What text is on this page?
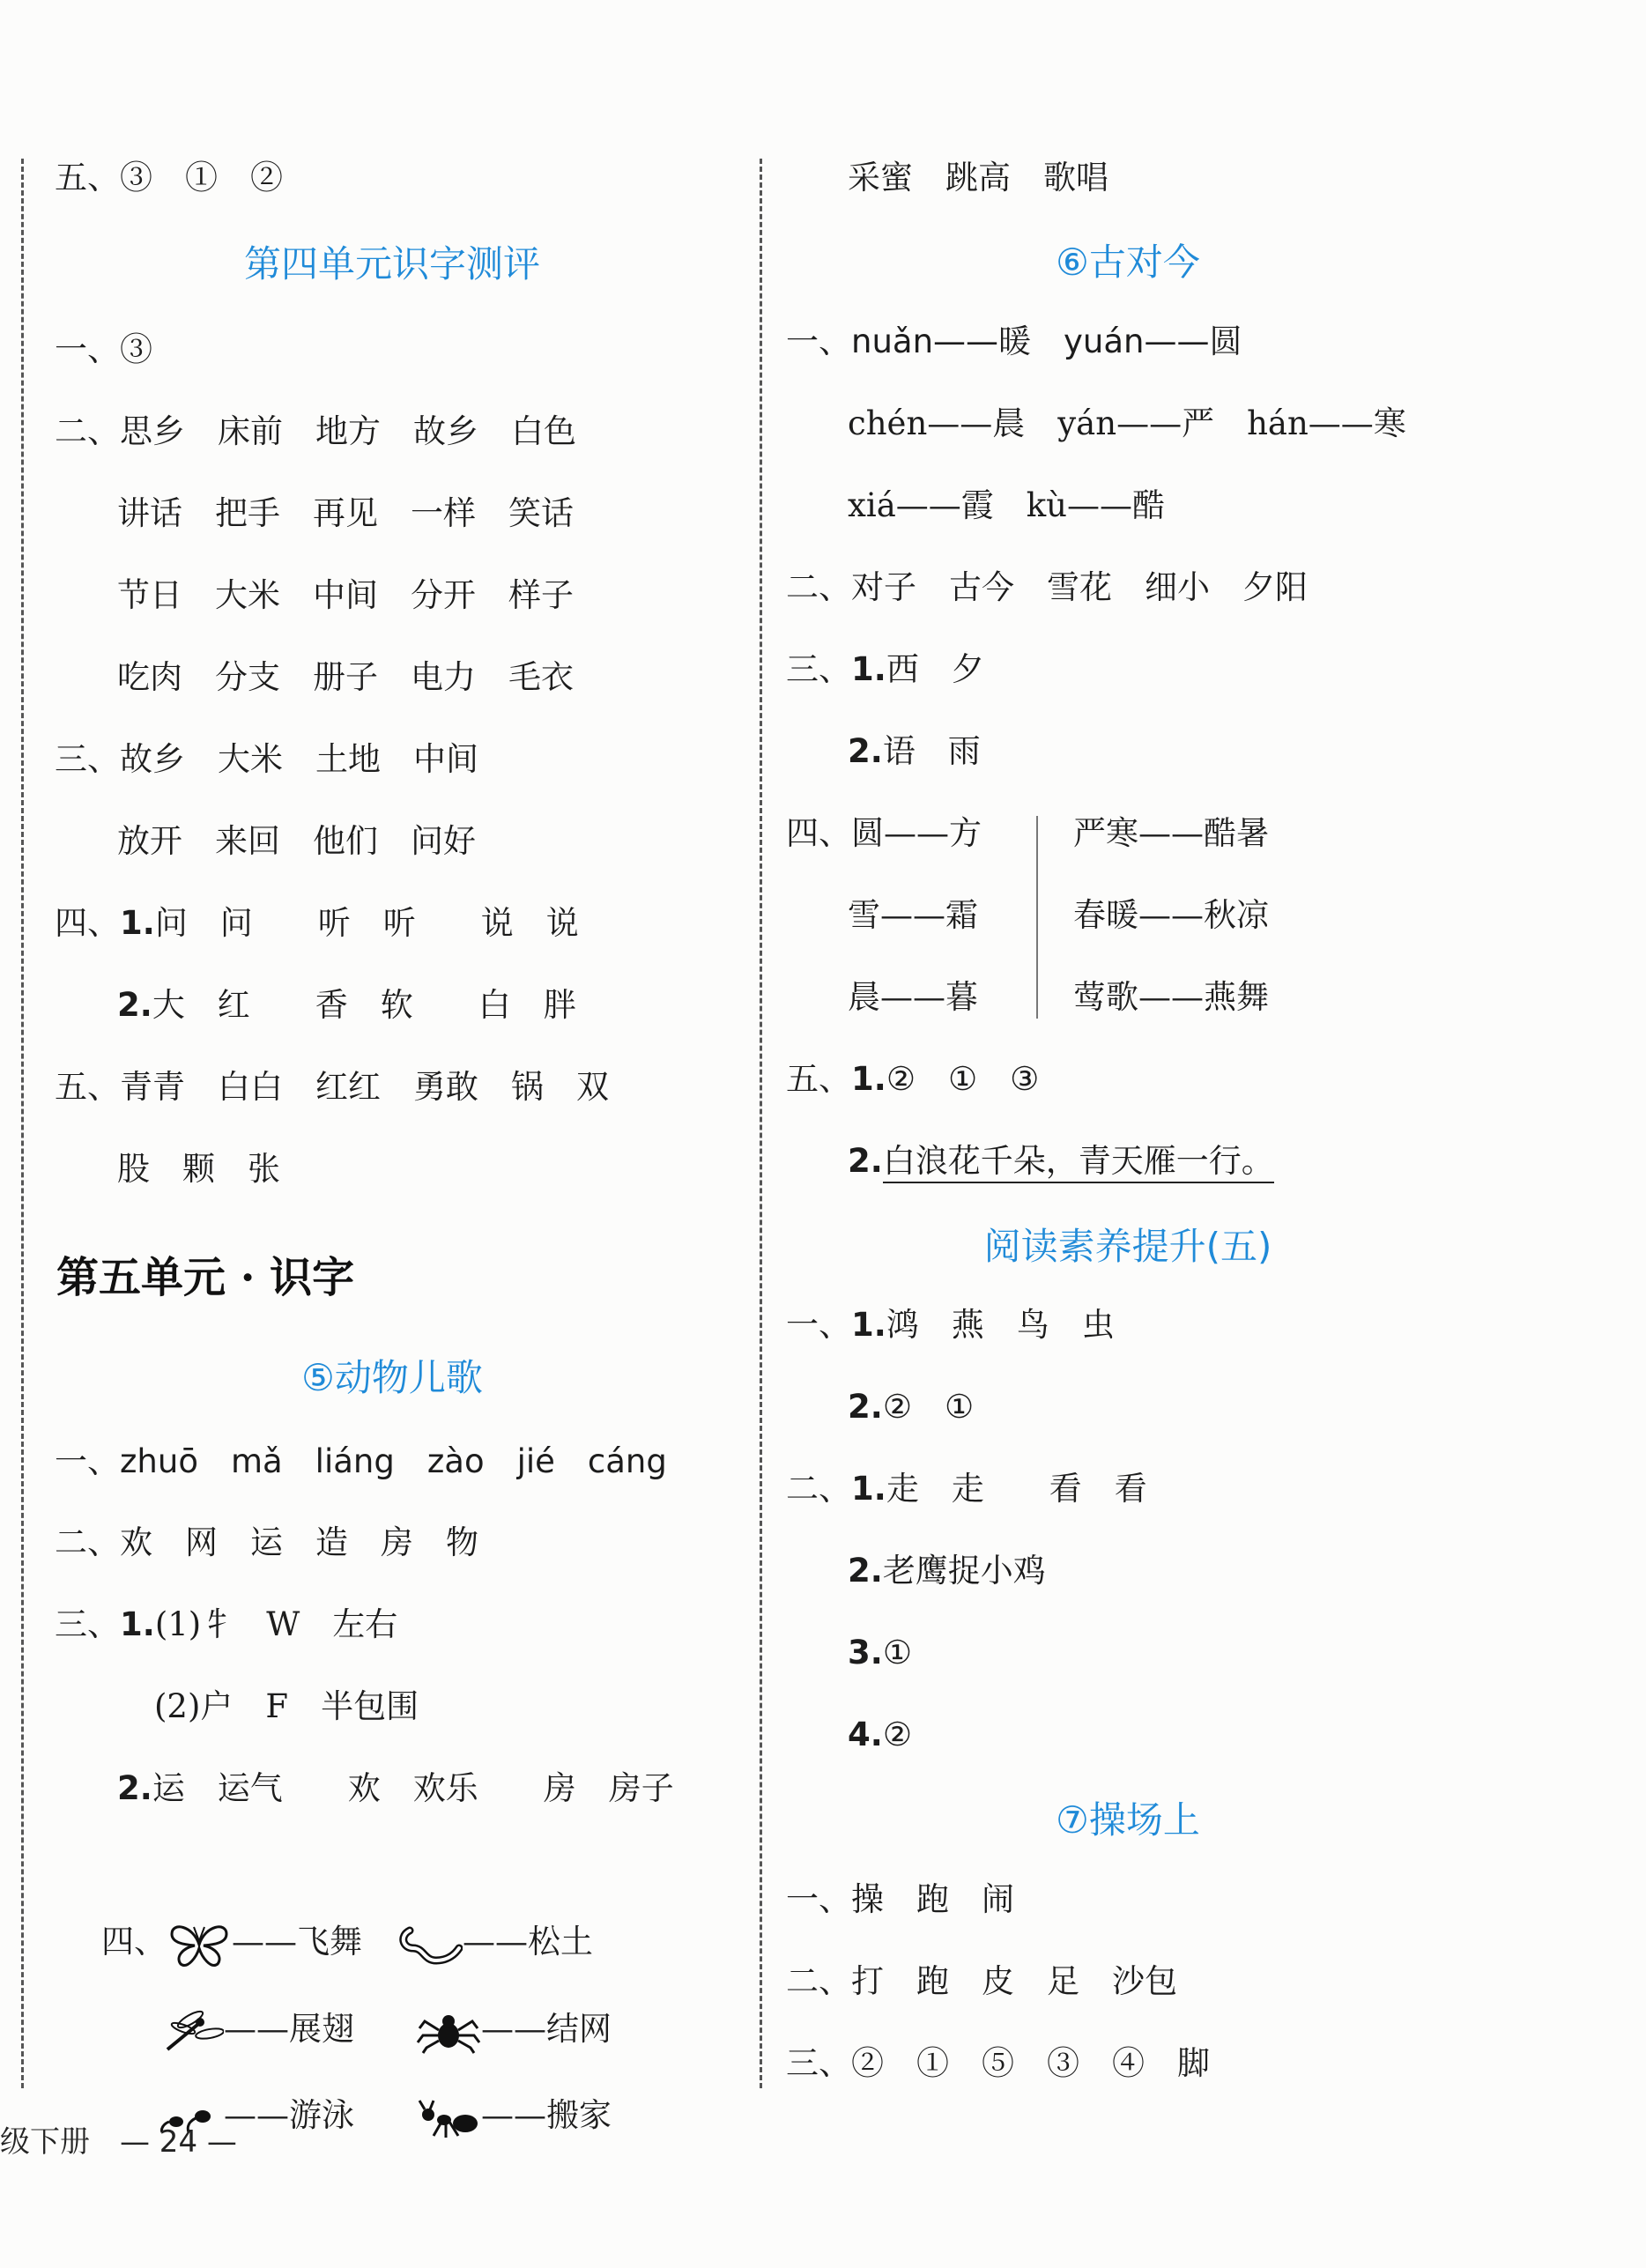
五、③　①　②
第四单元识字测评
一、③
二、思乡　床前　地方　故乡　白色
讲话　把手　再见　一样　笑话
节日　大米　中间　分开　样子
吃肉　分支　册子　电力　毛衣
三、故乡　大米　土地　中间
放开　来回　他们　问好
四、1.问　问　　听　听　　说　说
2.大　红　　香　软　　白　胖
五、青青　白白　红红　勇敢　锅　双
股　颗　张
第五单元 · 识字
⑤动物儿歌
一、zhuō　mǎ　liáng　zào　jié　cáng
二、欢　网　运　造　房　物
三、1.(1)牜　W　左右
(2)户　F　半包围
2.运　运气　　欢　欢乐　　房　房子

四、 ——飞舞	——松土

——展翅	——结网

——游泳	——搬家

采蜜　跳高　歌唱
⑥古对今
一、nuǎn——暖　yuán——圆
chén——晨　yán——严　hán——寒
xiá——霞　kù——酷
二、对子　古今　雪花　细小　夕阳
三、1.西　夕
2.语　雨
四、圆——方	严寒——酷暑
雪——霜	春暖——秋凉
晨——暮	莺歌——燕舞
五、1.②　①　③
2.白浪花千朵，青天雁一行。
阅读素养提升(五)
一、1.鸿　燕　鸟　虫
2.②　①
二、1.走　走　　看　看
2.老鹰捉小鸡
3.①
4.②
⑦操场上
一、操　跑　闹
二、打　跑　皮　足　沙包
三、②　①　⑤　③　④　脚
级下册 — 24 —
